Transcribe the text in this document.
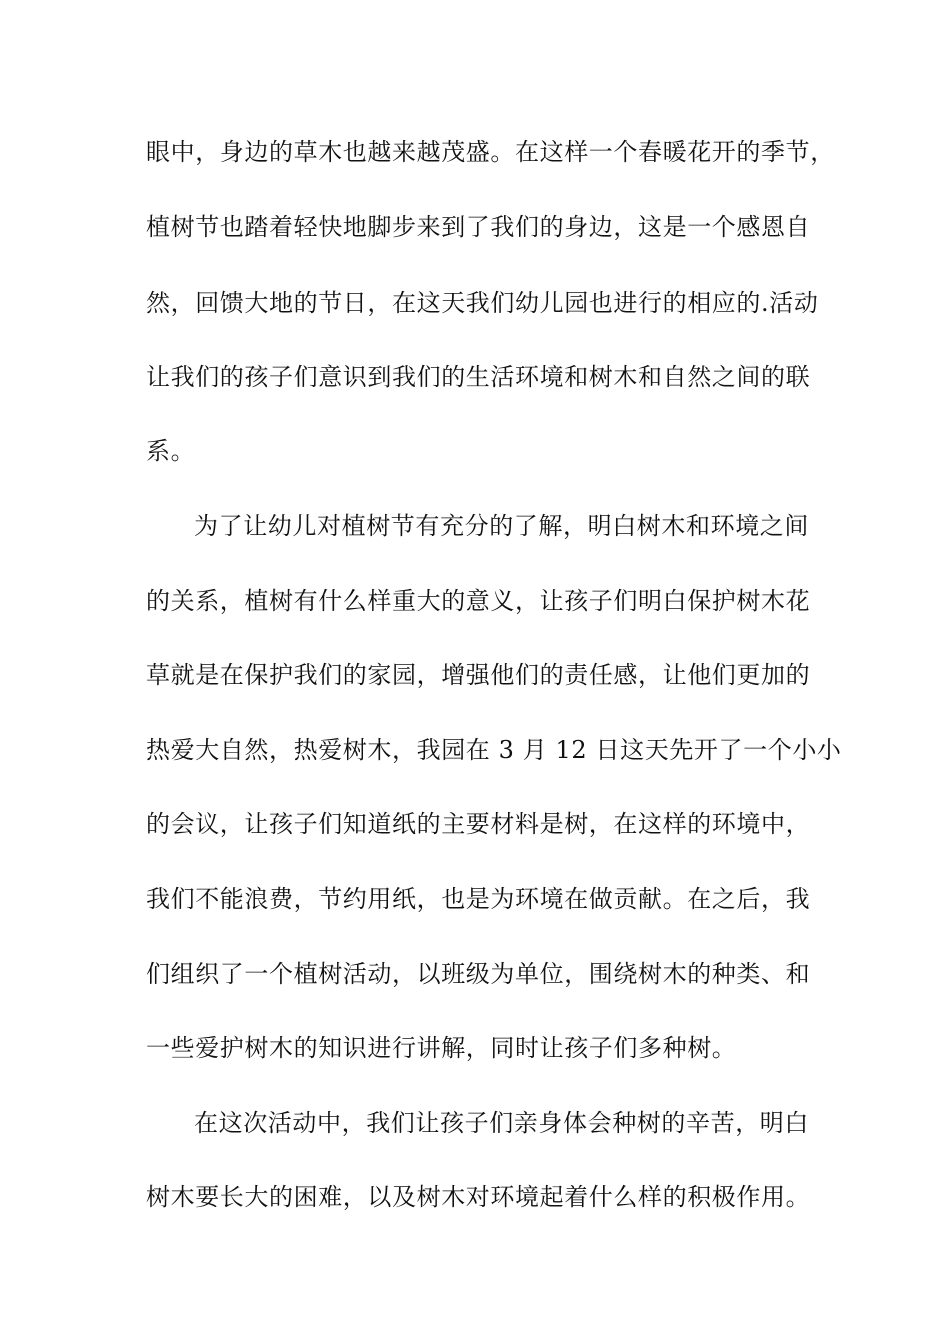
眼中，身边的草木也越来越茂盛。在这样一个春暖花开的季节，
植树节也踏着轻快地脚步来到了我们的身边，这是一个感恩自
然，回馈大地的节日，在这天我们幼儿园也进行的相应的.活动
让我们的孩子们意识到我们的生活环境和树木和自然之间的联
系。
为了让幼儿对植树节有充分的了解，明白树木和环境之间
的关系，植树有什么样重大的意义，让孩子们明白保护树木花
草就是在保护我们的家园，增强他们的责任感，让他们更加的
热爱大自然，热爱树木，我园在 3 月 12 日这天先开了一个小小
的会议，让孩子们知道纸的主要材料是树，在这样的环境中，
我们不能浪费，节约用纸，也是为环境在做贡献。在之后，我
们组织了一个植树活动，以班级为单位，围绕树木的种类、和
一些爱护树木的知识进行讲解，同时让孩子们多种树。
在这次活动中，我们让孩子们亲身体会种树的辛苦，明白
树木要长大的困难，以及树木对环境起着什么样的积极作用。
